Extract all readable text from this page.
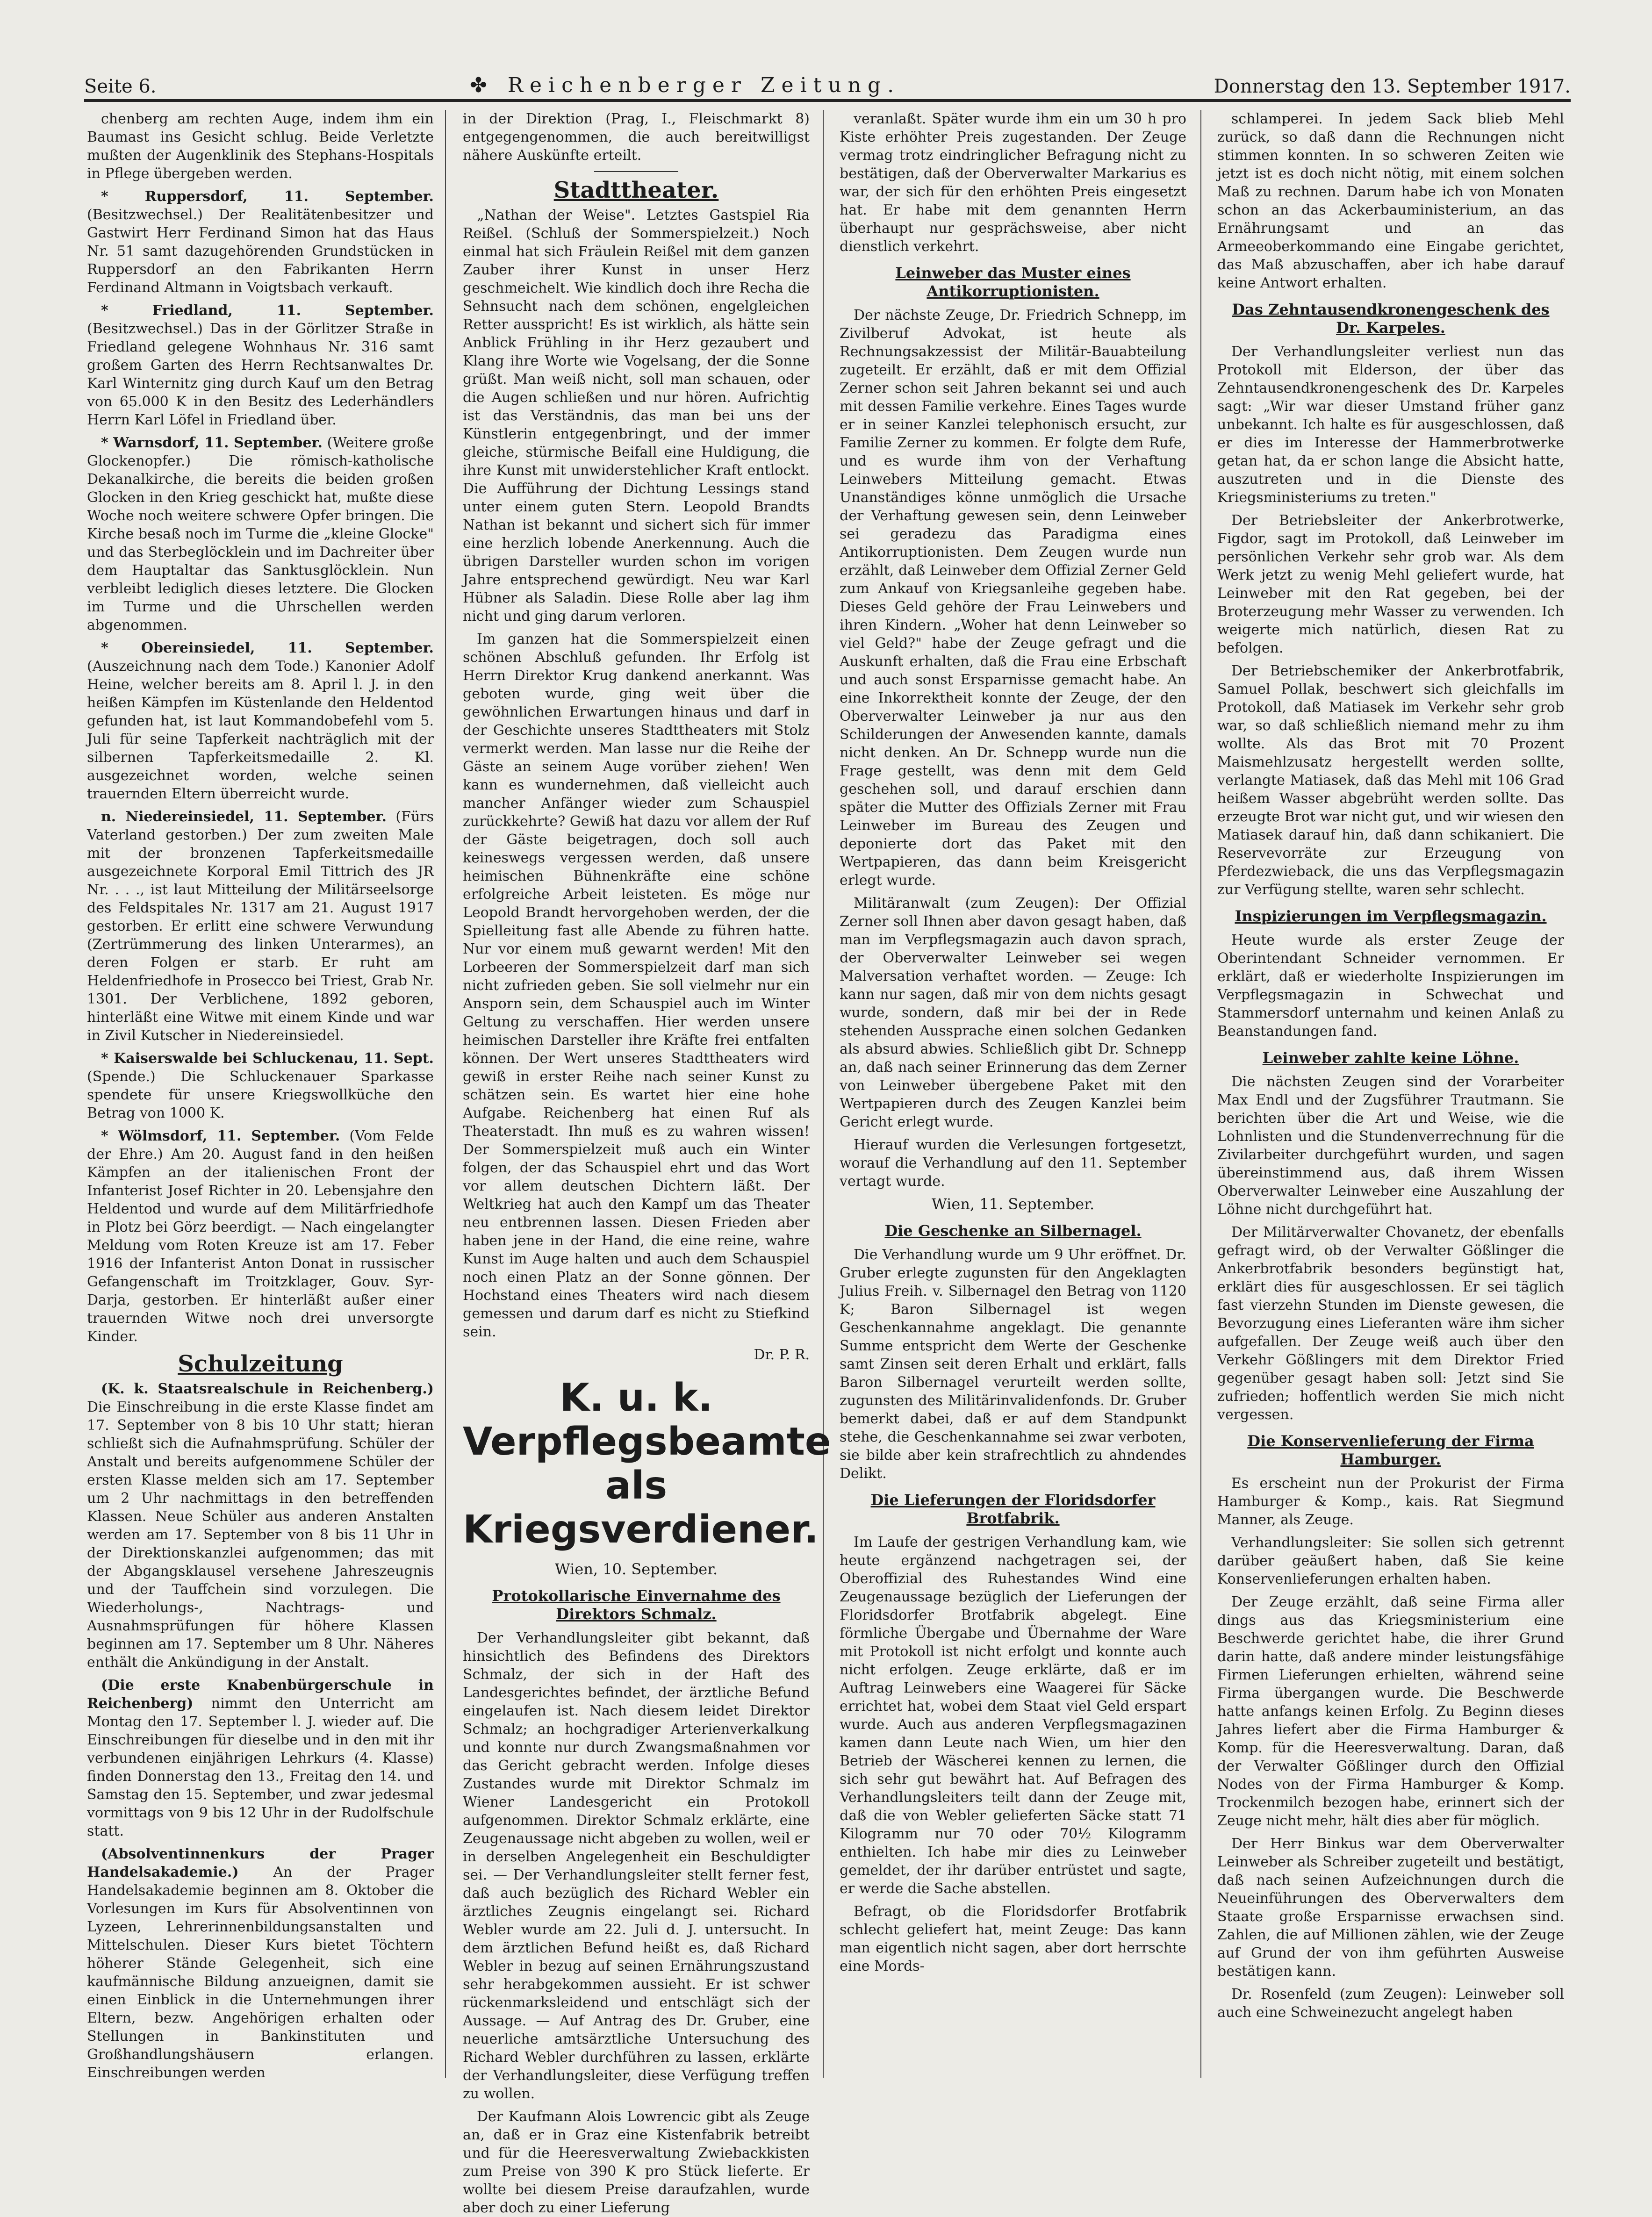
Seite 6.	✤ Reichenberger Zeitung.	Donnerstag den 13. September 1917.

chenberg am rechten Auge, indem ihm ein Baumast ins Gesicht schlug. Beide Verletzte mußten der Augenklinik des Stephans-Hospitals in Pflege übergeben werden.

* Ruppersdorf, 11. September. (Besitzwechsel.) Der Realitätenbesitzer und Gastwirt Herr Ferdinand Simon hat das Haus Nr. 51 samt dazugehörenden Grundstücken in Ruppersdorf an den Fabrikanten Herrn Ferdinand Altmann in Voigtsbach verkauft.

* Friedland, 11. September. (Besitzwechsel.) Das in der Görlitzer Straße in Friedland gelegene Wohnhaus Nr. 316 samt großem Garten des Herrn Rechtsanwaltes Dr. Karl Winternitz ging durch Kauf um den Betrag von 65.000 K in den Besitz des Lederhändlers Herrn Karl Löfel in Friedland über.

* Warnsdorf, 11. September. (Weitere große Glockenopfer.) Die römisch-katholische Dekanalkirche, die bereits die beiden großen Glocken in den Krieg geschickt hat, mußte diese Woche noch weitere schwere Opfer bringen. Die Kirche besaß noch im Turme die „kleine Glocke" und das Sterbeglöcklein und im Dachreiter über dem Hauptaltar das Sanktusglöcklein. Nun verbleibt lediglich dieses letztere. Die Glocken im Turme und die Uhrschellen werden abgenommen.

* Obereinsiedel, 11. September. (Auszeichnung nach dem Tode.) Kanonier Adolf Heine, welcher bereits am 8. April l. J. in den heißen Kämpfen im Küstenlande den Heldentod gefunden hat, ist laut Kommandobefehl vom 5. Juli für seine Tapferkeit nachträglich mit der silbernen Tapferkeitsmedaille 2. Kl. ausgezeichnet worden, welche seinen trauernden Eltern überreicht wurde.

n. Niedereinsiedel, 11. September. (Fürs Vaterland gestorben.) Der zum zweiten Male mit der bronzenen Tapferkeitsmedaille ausgezeichnete Korporal Emil Tittrich des JR Nr. . . ., ist laut Mitteilung der Militärseelsorge des Feldspitales Nr. 1317 am 21. August 1917 gestorben. Er erlitt eine schwere Verwundung (Zertrümmerung des linken Unterarmes), an deren Folgen er starb. Er ruht am Heldenfriedhofe in Prosecco bei Triest, Grab Nr. 1301. Der Verblichene, 1892 geboren, hinterläßt eine Witwe mit einem Kinde und war in Zivil Kutscher in Niedereinsiedel.

* Kaiserswalde bei Schluckenau, 11. Sept. (Spende.) Die Schluckenauer Sparkasse spendete für unsere Kriegswollküche den Betrag von 1000 K.

* Wölmsdorf, 11. September. (Vom Felde der Ehre.) Am 20. August fand in den heißen Kämpfen an der italienischen Front der Infanterist Josef Richter in 20. Lebensjahre den Heldentod und wurde auf dem Militärfriedhofe in Plotz bei Görz beerdigt. — Nach eingelangter Meldung vom Roten Kreuze ist am 17. Feber 1916 der Infanterist Anton Donat in russischer Gefangenschaft im Troitzklager, Gouv. Syr-Darja, gestorben. Er hinterläßt außer einer trauernden Witwe noch drei unversorgte Kinder.

Schulzeitung

(K. k. Staatsrealschule in Reichenberg.) Die Einschreibung in die erste Klasse findet am 17. September von 8 bis 10 Uhr statt; hieran schließt sich die Aufnahmsprüfung. Schüler der Anstalt und bereits aufgenommene Schüler der ersten Klasse melden sich am 17. September um 2 Uhr nachmittags in den betreffenden Klassen. Neue Schüler aus anderen Anstalten werden am 17. September von 8 bis 11 Uhr in der Direktionskanzlei aufgenommen; das mit der Abgangsklausel versehene Jahreszeugnis und der Tauffchein sind vorzulegen. Die Wiederholungs-, Nachtrags- und Ausnahmsprüfungen für höhere Klassen beginnen am 17. September um 8 Uhr. Näheres enthält die Ankündigung in der Anstalt.

(Die erste Knabenbürgerschule in Reichenberg) nimmt den Unterricht am Montag den 17. September l. J. wieder auf. Die Einschreibungen für dieselbe und in den mit ihr verbundenen einjährigen Lehrkurs (4. Klasse) finden Donnerstag den 13., Freitag den 14. und Samstag den 15. September, und zwar jedesmal vormittags von 9 bis 12 Uhr in der Rudolfschule statt.

(Absolventinnenkurs der Prager Handelsakademie.) An der Prager Handelsakademie beginnen am 8. Oktober die Vorlesungen im Kurs für Absolventinnen von Lyzeen, Lehrerinnenbildungsanstalten und Mittelschulen. Dieser Kurs bietet Töchtern höherer Stände Gelegenheit, sich eine kaufmännische Bildung anzueignen, damit sie einen Einblick in die Unternehmungen ihrer Eltern, bezw. Angehörigen erhalten oder Stellungen in Bankinstituten und Großhandlungshäusern erlangen. Einschreibungen werden

in der Direktion (Prag, I., Fleischmarkt 8) entgegengenommen, die auch bereitwilligst nähere Auskünfte erteilt.

Stadttheater.

„Nathan der Weise". Letztes Gastspiel Ria Reißel. (Schluß der Sommerspielzeit.) Noch einmal hat sich Fräulein Reißel mit dem ganzen Zauber ihrer Kunst in unser Herz geschmeichelt. Wie kindlich doch ihre Recha die Sehnsucht nach dem schönen, engelgleichen Retter ausspricht! Es ist wirklich, als hätte sein Anblick Frühling in ihr Herz gezaubert und Klang ihre Worte wie Vogelsang, der die Sonne grüßt. Man weiß nicht, soll man schauen, oder die Augen schließen und nur hören. Aufrichtig ist das Verständnis, das man bei uns der Künstlerin entgegenbringt, und der immer gleiche, stürmische Beifall eine Huldigung, die ihre Kunst mit unwiderstehlicher Kraft entlockt. Die Aufführung der Dichtung Lessings stand unter einem guten Stern. Leopold Brandts Nathan ist bekannt und sichert sich für immer eine herzlich lobende Anerkennung. Auch die übrigen Darsteller wurden schon im vorigen Jahre entsprechend gewürdigt. Neu war Karl Hübner als Saladin. Diese Rolle aber lag ihm nicht und ging darum verloren.

Im ganzen hat die Sommerspielzeit einen schönen Abschluß gefunden. Ihr Erfolg ist Herrn Direktor Krug dankend anerkannt. Was geboten wurde, ging weit über die gewöhnlichen Erwartungen hinaus und darf in der Geschichte unseres Stadttheaters mit Stolz vermerkt werden. Man lasse nur die Reihe der Gäste an seinem Auge vorüber ziehen! Wen kann es wundernehmen, daß vielleicht auch mancher Anfänger wieder zum Schauspiel zurückkehrte? Gewiß hat dazu vor allem der Ruf der Gäste beigetragen, doch soll auch keineswegs vergessen werden, daß unsere heimischen Bühnenkräfte eine schöne erfolgreiche Arbeit leisteten. Es möge nur Leopold Brandt hervorgehoben werden, der die Spielleitung fast alle Abende zu führen hatte. Nur vor einem muß gewarnt werden! Mit den Lorbeeren der Sommerspielzeit darf man sich nicht zufrieden geben. Sie soll vielmehr nur ein Ansporn sein, dem Schauspiel auch im Winter Geltung zu verschaffen. Hier werden unsere heimischen Darsteller ihre Kräfte frei entfalten können. Der Wert unseres Stadttheaters wird gewiß in erster Reihe nach seiner Kunst zu schätzen sein. Es wartet hier eine hohe Aufgabe. Reichenberg hat einen Ruf als Theaterstadt. Ihn muß es zu wahren wissen! Der Sommerspielzeit muß auch ein Winter folgen, der das Schauspiel ehrt und das Wort vor allem deutschen Dichtern läßt. Der Weltkrieg hat auch den Kampf um das Theater neu entbrennen lassen. Diesen Frieden aber haben jene in der Hand, die eine reine, wahre Kunst im Auge halten und auch dem Schauspiel noch einen Platz an der Sonne gönnen. Der Hochstand eines Theaters wird nach diesem gemessen und darum darf es nicht zu Stiefkind sein.

Dr. P. R.
K. u. k. Verpflegsbeamte als Kriegsverdiener.
Wien, 10. September.
Protokollarische Einvernahme des Direktors Schmalz.

Der Verhandlungsleiter gibt bekannt, daß hinsichtlich des Befindens des Direktors Schmalz, der sich in der Haft des Landesgerichtes befindet, der ärztliche Befund eingelaufen ist. Nach diesem leidet Direktor Schmalz; an hochgradiger Arterienverkalkung und konnte nur durch Zwangsmaßnahmen vor das Gericht gebracht werden. Infolge dieses Zustandes wurde mit Direktor Schmalz im Wiener Landesgericht ein Protokoll aufgenommen. Direktor Schmalz erklärte, eine Zeugenaussage nicht abgeben zu wollen, weil er in derselben Angelegenheit ein Beschuldigter sei. — Der Verhandlungsleiter stellt ferner fest, daß auch bezüglich des Richard Webler ein ärztliches Zeugnis eingelangt sei. Richard Webler wurde am 22. Juli d. J. untersucht. In dem ärztlichen Befund heißt es, daß Richard Webler in bezug auf seinen Ernährungszustand sehr herabgekommen aussieht. Er ist schwer rückenmarksleidend und entschlägt sich der Aussage. — Auf Antrag des Dr. Gruber, eine neuerliche amtsärztliche Untersuchung des Richard Webler durchführen zu lassen, erklärte der Verhandlungsleiter, diese Verfügung treffen zu wollen.

Der Kaufmann Alois Lowrencic gibt als Zeuge an, daß er in Graz eine Kistenfabrik betreibt und für die Heeresverwaltung Zwiebackkisten zum Preise von 390 K pro Stück lieferte. Er wollte bei diesem Preise daraufzahlen, wurde aber doch zu einer Lieferung

veranlaßt. Später wurde ihm ein um 30 h pro Kiste erhöhter Preis zugestanden. Der Zeuge vermag trotz eindringlicher Befragung nicht zu bestätigen, daß der Oberverwalter Markarius es war, der sich für den erhöhten Preis eingesetzt hat. Er habe mit dem genannten Herrn überhaupt nur gesprächsweise, aber nicht dienstlich verkehrt.

Leinweber das Muster eines Antikorruptionisten.

Der nächste Zeuge, Dr. Friedrich Schnepp, im Zivilberuf Advokat, ist heute als Rechnungsakzessist der Militär-Bauabteilung zugeteilt. Er erzählt, daß er mit dem Offizial Zerner schon seit Jahren bekannt sei und auch mit dessen Familie verkehre. Eines Tages wurde er in seiner Kanzlei telephonisch ersucht, zur Familie Zerner zu kommen. Er folgte dem Rufe, und es wurde ihm von der Verhaftung Leinwebers Mitteilung gemacht. Etwas Unanständiges könne unmöglich die Ursache der Verhaftung gewesen sein, denn Leinweber sei geradezu das Paradigma eines Antikorruptionisten. Dem Zeugen wurde nun erzählt, daß Leinweber dem Offizial Zerner Geld zum Ankauf von Kriegsanleihe gegeben habe. Dieses Geld gehöre der Frau Leinwebers und ihren Kindern. „Woher hat denn Leinweber so viel Geld?" habe der Zeuge gefragt und die Auskunft erhalten, daß die Frau eine Erbschaft und auch sonst Ersparnisse gemacht habe. An eine Inkorrektheit konnte der Zeuge, der den Oberverwalter Leinweber ja nur aus den Schilderungen der Anwesenden kannte, damals nicht denken. An Dr. Schnepp wurde nun die Frage gestellt, was denn mit dem Geld geschehen soll, und darauf erschien dann später die Mutter des Offizials Zerner mit Frau Leinweber im Bureau des Zeugen und deponierte dort das Paket mit den Wertpapieren, das dann beim Kreisgericht erlegt wurde.

Militäranwalt (zum Zeugen): Der Offizial Zerner soll Ihnen aber davon gesagt haben, daß man im Verpflegsmagazin auch davon sprach, der Oberverwalter Leinweber sei wegen Malversation verhaftet worden. — Zeuge: Ich kann nur sagen, daß mir von dem nichts gesagt wurde, sondern, daß mir bei der in Rede stehenden Aussprache einen solchen Gedanken als absurd abwies. Schließlich gibt Dr. Schnepp an, daß nach seiner Erinnerung das dem Zerner von Leinweber übergebene Paket mit den Wertpapieren durch des Zeugen Kanzlei beim Gericht erlegt wurde.

Hierauf wurden die Verlesungen fortgesetzt, worauf die Verhandlung auf den 11. September vertagt wurde.

Wien, 11. September.
Die Geschenke an Silbernagel.

Die Verhandlung wurde um 9 Uhr eröffnet. Dr. Gruber erlegte zugunsten für den Angeklagten Julius Freih. v. Silbernagel den Betrag von 1120 K; Baron Silbernagel ist wegen Geschenkannahme angeklagt. Die genannte Summe entspricht dem Werte der Geschenke samt Zinsen seit deren Erhalt und erklärt, falls Baron Silbernagel verurteilt werden sollte, zugunsten des Militärinvalidenfonds. Dr. Gruber bemerkt dabei, daß er auf dem Standpunkt stehe, die Geschenkannahme sei zwar verboten, sie bilde aber kein strafrechtlich zu ahndendes Delikt.

Die Lieferungen der Floridsdorfer Brotfabrik.

Im Laufe der gestrigen Verhandlung kam, wie heute ergänzend nachgetragen sei, der Oberoffizial des Ruhestandes Wind eine Zeugenaussage bezüglich der Lieferungen der Floridsdorfer Brotfabrik abgelegt. Eine förmliche Übergabe und Übernahme der Ware mit Protokoll ist nicht erfolgt und konnte auch nicht erfolgen. Zeuge erklärte, daß er im Auftrag Leinwebers eine Waagerei für Säcke errichtet hat, wobei dem Staat viel Geld erspart wurde. Auch aus anderen Verpflegsmagazinen kamen dann Leute nach Wien, um hier den Betrieb der Wäscherei kennen zu lernen, die sich sehr gut bewährt hat. Auf Befragen des Verhandlungsleiters teilt dann der Zeuge mit, daß die von Webler gelieferten Säcke statt 71 Kilogramm nur 70 oder 70½ Kilogramm enthielten. Ich habe mir dies zu Leinweber gemeldet, der ihr darüber entrüstet und sagte, er werde die Sache abstellen.

Befragt, ob die Floridsdorfer Brotfabrik schlecht geliefert hat, meint Zeuge: Das kann man eigentlich nicht sagen, aber dort herrschte eine Mords-

schlamperei. In jedem Sack blieb Mehl zurück, so daß dann die Rechnungen nicht stimmen konnten. In so schweren Zeiten wie jetzt ist es doch nicht nötig, mit einem solchen Maß zu rechnen. Darum habe ich von Monaten schon an das Ackerbauministerium, an das Ernährungsamt und an das Armeeoberkommando eine Eingabe gerichtet, das Maß abzuschaffen, aber ich habe darauf keine Antwort erhalten.

Das Zehntausendkronengeschenk des Dr. Karpeles.

Der Verhandlungsleiter verliest nun das Protokoll mit Elderson, der über das Zehntausendkronengeschenk des Dr. Karpeles sagt: „Wir war dieser Umstand früher ganz unbekannt. Ich halte es für ausgeschlossen, daß er dies im Interesse der Hammerbrotwerke getan hat, da er schon lange die Absicht hatte, auszutreten und in die Dienste des Kriegsministeriums zu treten."

Der Betriebsleiter der Ankerbrotwerke, Figdor, sagt im Protokoll, daß Leinweber im persönlichen Verkehr sehr grob war. Als dem Werk jetzt zu wenig Mehl geliefert wurde, hat Leinweber mit den Rat gegeben, bei der Broterzeugung mehr Wasser zu verwenden. Ich weigerte mich natürlich, diesen Rat zu befolgen.

Der Betriebschemiker der Ankerbrotfabrik, Samuel Pollak, beschwert sich gleichfalls im Protokoll, daß Matiasek im Verkehr sehr grob war, so daß schließlich niemand mehr zu ihm wollte. Als das Brot mit 70 Prozent Maismehlzusatz hergestellt werden sollte, verlangte Matiasek, daß das Mehl mit 106 Grad heißem Wasser abgebrüht werden sollte. Das erzeugte Brot war nicht gut, und wir wiesen den Matiasek darauf hin, daß dann schikaniert. Die Reservevorräte zur Erzeugung von Pferdezwieback, die uns das Verpflegsmagazin zur Verfügung stellte, waren sehr schlecht.

Inspizierungen im Verpflegsmagazin.

Heute wurde als erster Zeuge der Oberintendant Schneider vernommen. Er erklärt, daß er wiederholte Inspizierungen im Verpflegsmagazin in Schwechat und Stammersdorf unternahm und keinen Anlaß zu Beanstandungen fand.

Leinweber zahlte keine Löhne.

Die nächsten Zeugen sind der Vorarbeiter Max Endl und der Zugsführer Trautmann. Sie berichten über die Art und Weise, wie die Lohnlisten und die Stundenverrechnung für die Zivilarbeiter durchgeführt wurden, und sagen übereinstimmend aus, daß ihrem Wissen Oberverwalter Leinweber eine Auszahlung der Löhne nicht durchgeführt hat.

Der Militärverwalter Chovanetz, der ebenfalls gefragt wird, ob der Verwalter Gößlinger die Ankerbrotfabrik besonders begünstigt hat, erklärt dies für ausgeschlossen. Er sei täglich fast vierzehn Stunden im Dienste gewesen, die Bevorzugung eines Lieferanten wäre ihm sicher aufgefallen. Der Zeuge weiß auch über den Verkehr Gößlingers mit dem Direktor Fried gegenüber gesagt haben soll: Jetzt sind Sie zufrieden; hoffentlich werden Sie mich nicht vergessen.

Die Konservenlieferung der Firma Hamburger.

Es erscheint nun der Prokurist der Firma Hamburger & Komp., kais. Rat Siegmund Manner, als Zeuge.

Verhandlungsleiter: Sie sollen sich getrennt darüber geäußert haben, daß Sie keine Konservenlieferungen erhalten haben.

Der Zeuge erzählt, daß seine Firma aller dings aus das Kriegsministerium eine Beschwerde gerichtet habe, die ihrer Grund darin hatte, daß andere minder leistungsfähige Firmen Lieferungen erhielten, während seine Firma übergangen wurde. Die Beschwerde hatte anfangs keinen Erfolg. Zu Beginn dieses Jahres liefert aber die Firma Hamburger & Komp. für die Heeresverwaltung. Daran, daß der Verwalter Gößlinger durch den Offizial Nodes von der Firma Hamburger & Komp. Trockenmilch bezogen habe, erinnert sich der Zeuge nicht mehr, hält dies aber für möglich.

Der Herr Binkus war dem Oberverwalter Leinweber als Schreiber zugeteilt und bestätigt, daß nach seinen Aufzeichnungen durch die Neueinführungen des Oberverwalters dem Staate große Ersparnisse erwachsen sind. Zahlen, die auf Millionen zählen, wie der Zeuge auf Grund der von ihm geführten Ausweise bestätigen kann.

Dr. Rosenfeld (zum Zeugen): Leinweber soll auch eine Schweinezucht angelegt haben
